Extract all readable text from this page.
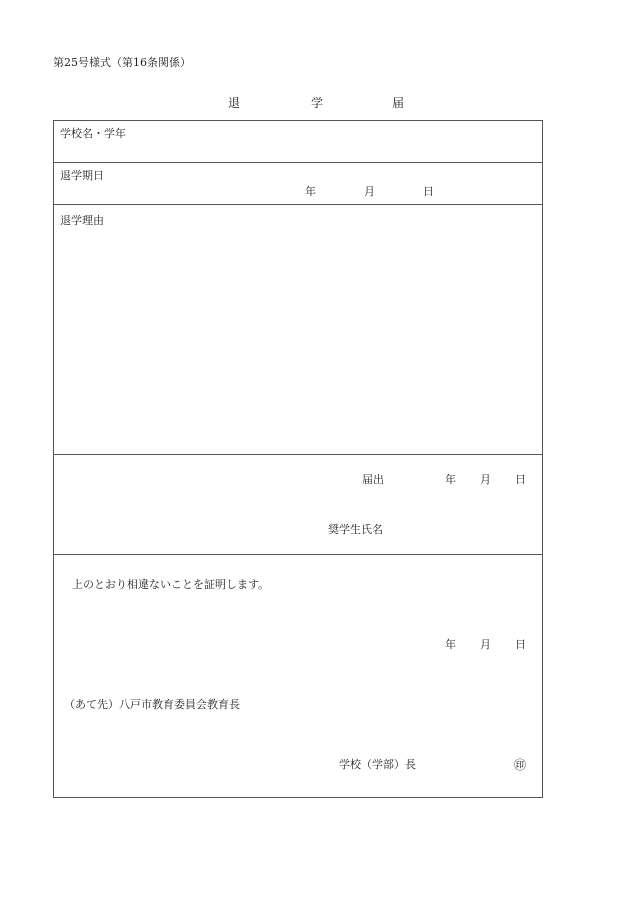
第25号様式（第16条関係）
退	学	届
学校名・学年
退学期日
年	月	日
退学理由
届出	年 月 日
奨学生氏名
上のとおり相違ないことを証明します。
年 月 日
（あて先）八戸市教育委員会教育長
学校（学部）長	㊞
